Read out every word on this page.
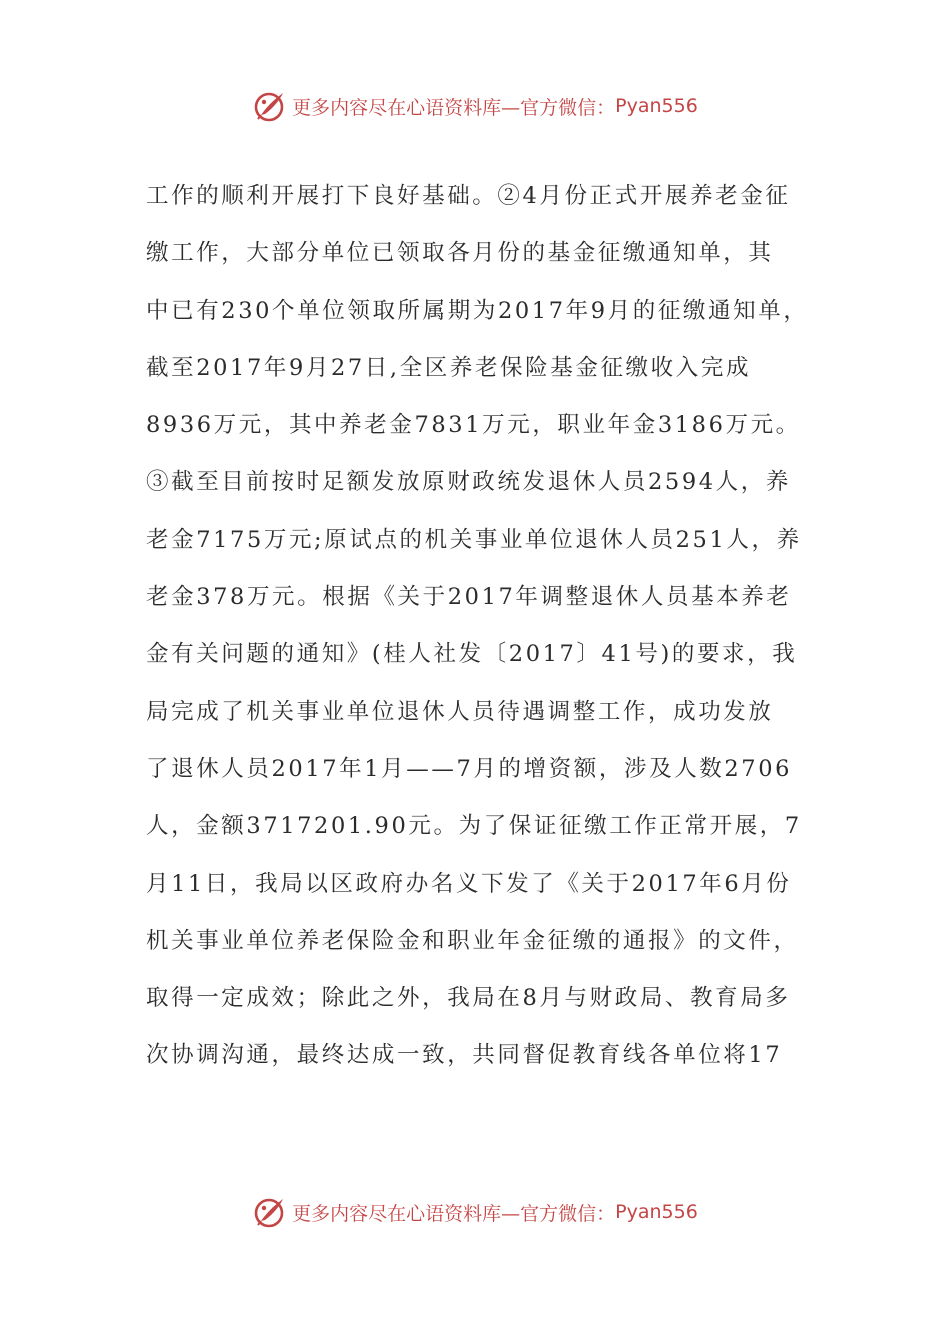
更多内容尽在心语资料库—官方微信： Pyan556
工作的顺利开展打下良好基础。②4月份正式开展养老金征
缴工作，大部分单位已领取各月份的基金征缴通知单，其
中已有230个单位领取所属期为2017年9月的征缴通知单，
截至2017年9月27日,全区养老保险基金征缴收入完成
8936万元，其中养老金7831万元，职业年金3186万元。
③截至目前按时足额发放原财政统发退休人员2594人，养
老金7175万元;原试点的机关事业单位退休人员251人，养
老金378万元。根据《关于2017年调整退休人员基本养老
金有关问题的通知》(桂人社发〔2017〕41号)的要求，我
局完成了机关事业单位退休人员待遇调整工作，成功发放
了退休人员2017年1月——7月的增资额，涉及人数2706
人，金额3717201.90元。为了保证征缴工作正常开展，7
月11日，我局以区政府办名义下发了《关于2017年6月份
机关事业单位养老保险金和职业年金征缴的通报》的文件，
取得一定成效；除此之外，我局在8月与财政局、教育局多
次协调沟通，最终达成一致，共同督促教育线各单位将17
更多内容尽在心语资料库—官方微信： Pyan556
